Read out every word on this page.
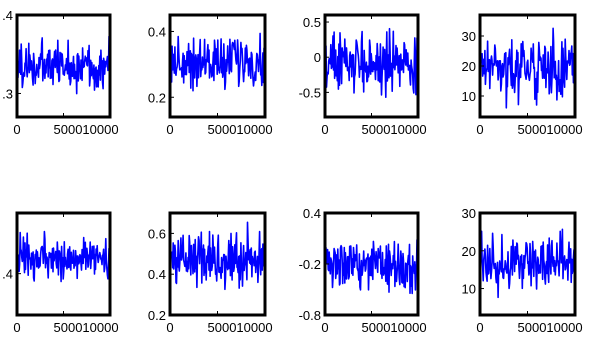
0	500010000
.4
.3
0	500010000
0.4
0.2
0	500010000
0.5
0
-0.5
0	500010000
30
20
10
0	500010000
.4
0	500010000
0.6
0.4
0.2
0	500010000
0.4
-0.2
-0.8
0	500010000
30
20
10
